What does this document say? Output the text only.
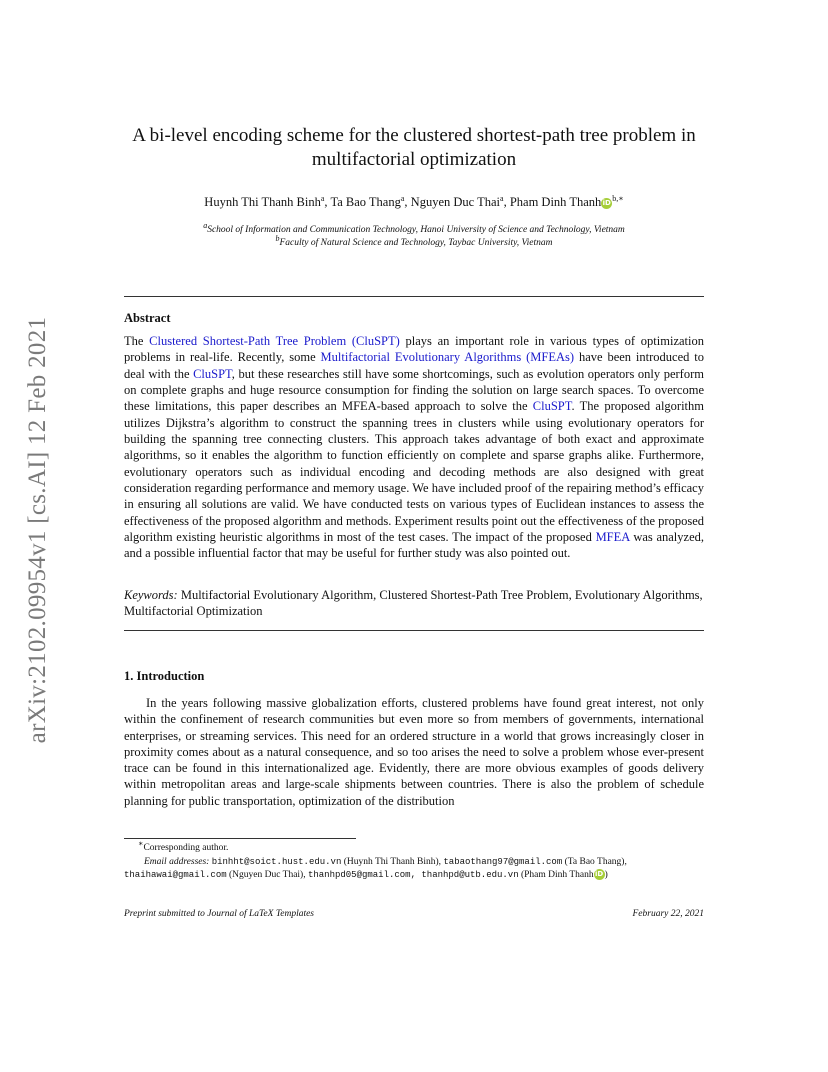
arXiv:2102.09954v1 [cs.AI] 12 Feb 2021
A bi-level encoding scheme for the clustered shortest-path tree problem in
multifactorial optimization
Huynh Thi Thanh Binh$^a$, Ta Bao Thang$^a$, Nguyen Duc Thai$^a$, Pham Dinh ThanhiD$^{b,∗}$
$^a$School of Information and Communication Technology, Hanoi University of Science and Technology, Vietnam
$^b$Faculty of Natural Science and Technology, Taybac University, Vietnam
Abstract
The Clustered Shortest-Path Tree Problem (CluSPT) plays an important role in various types of optimization problems in real-life. Recently, some Multifactorial Evolutionary Algorithms (MFEAs) have been introduced to deal with the CluSPT, but these researches still have some shortcomings, such as evolution operators only perform on complete graphs and huge resource consumption for finding the solution on large search spaces. To overcome these limitations, this paper describes an MFEA-based approach to solve the CluSPT. The proposed algorithm utilizes Dijkstra’s algorithm to construct the spanning trees in clusters while using evolutionary operators for building the spanning tree connecting clusters. This approach takes advantage of both exact and approximate algorithms, so it enables the algorithm to function efficiently on complete and sparse graphs alike. Furthermore, evolutionary operators such as individual encoding and decoding methods are also designed with great consideration regarding performance and memory usage. We have included proof of the repairing method’s efficacy in ensuring all solutions are valid. We have conducted tests on various types of Euclidean instances to assess the effectiveness of the proposed algorithm and methods. Experiment results point out the effectiveness of the proposed algorithm existing heuristic algorithms in most of the test cases. The impact of the proposed MFEA was analyzed, and a possible influential factor that may be useful for further study was also pointed out.
Keywords: Multifactorial Evolutionary Algorithm, Clustered Shortest-Path Tree Problem, Evolutionary Algorithms, Multifactorial Optimization
1. Introduction
In the years following massive globalization efforts, clustered problems have found great interest, not only within the confinement of research communities but even more so from members of governments, international enterprises, or streaming services. This need for an ordered structure in a world that grows increasingly closer in proximity comes about as a natural consequence, and so too arises the need to solve a problem whose ever-present trace can be found in this internationalized age. Evidently, there are more obvious examples of goods delivery within metropolitan areas and large-scale shipments between countries. There is also the problem of schedule planning for public transportation, optimization of the distribution
∗Corresponding author.
Email addresses: binhht@soict.hust.edu.vn (Huynh Thi Thanh Binh), tabaothang97@gmail.com (Ta Bao Thang),
thaihawai@gmail.com (Nguyen Duc Thai), thanhpd05@gmail.com, thanhpd@utb.edu.vn (Pham Dinh ThanhiD)
Preprint submitted to Journal of LaTeX Templates	February 22, 2021
